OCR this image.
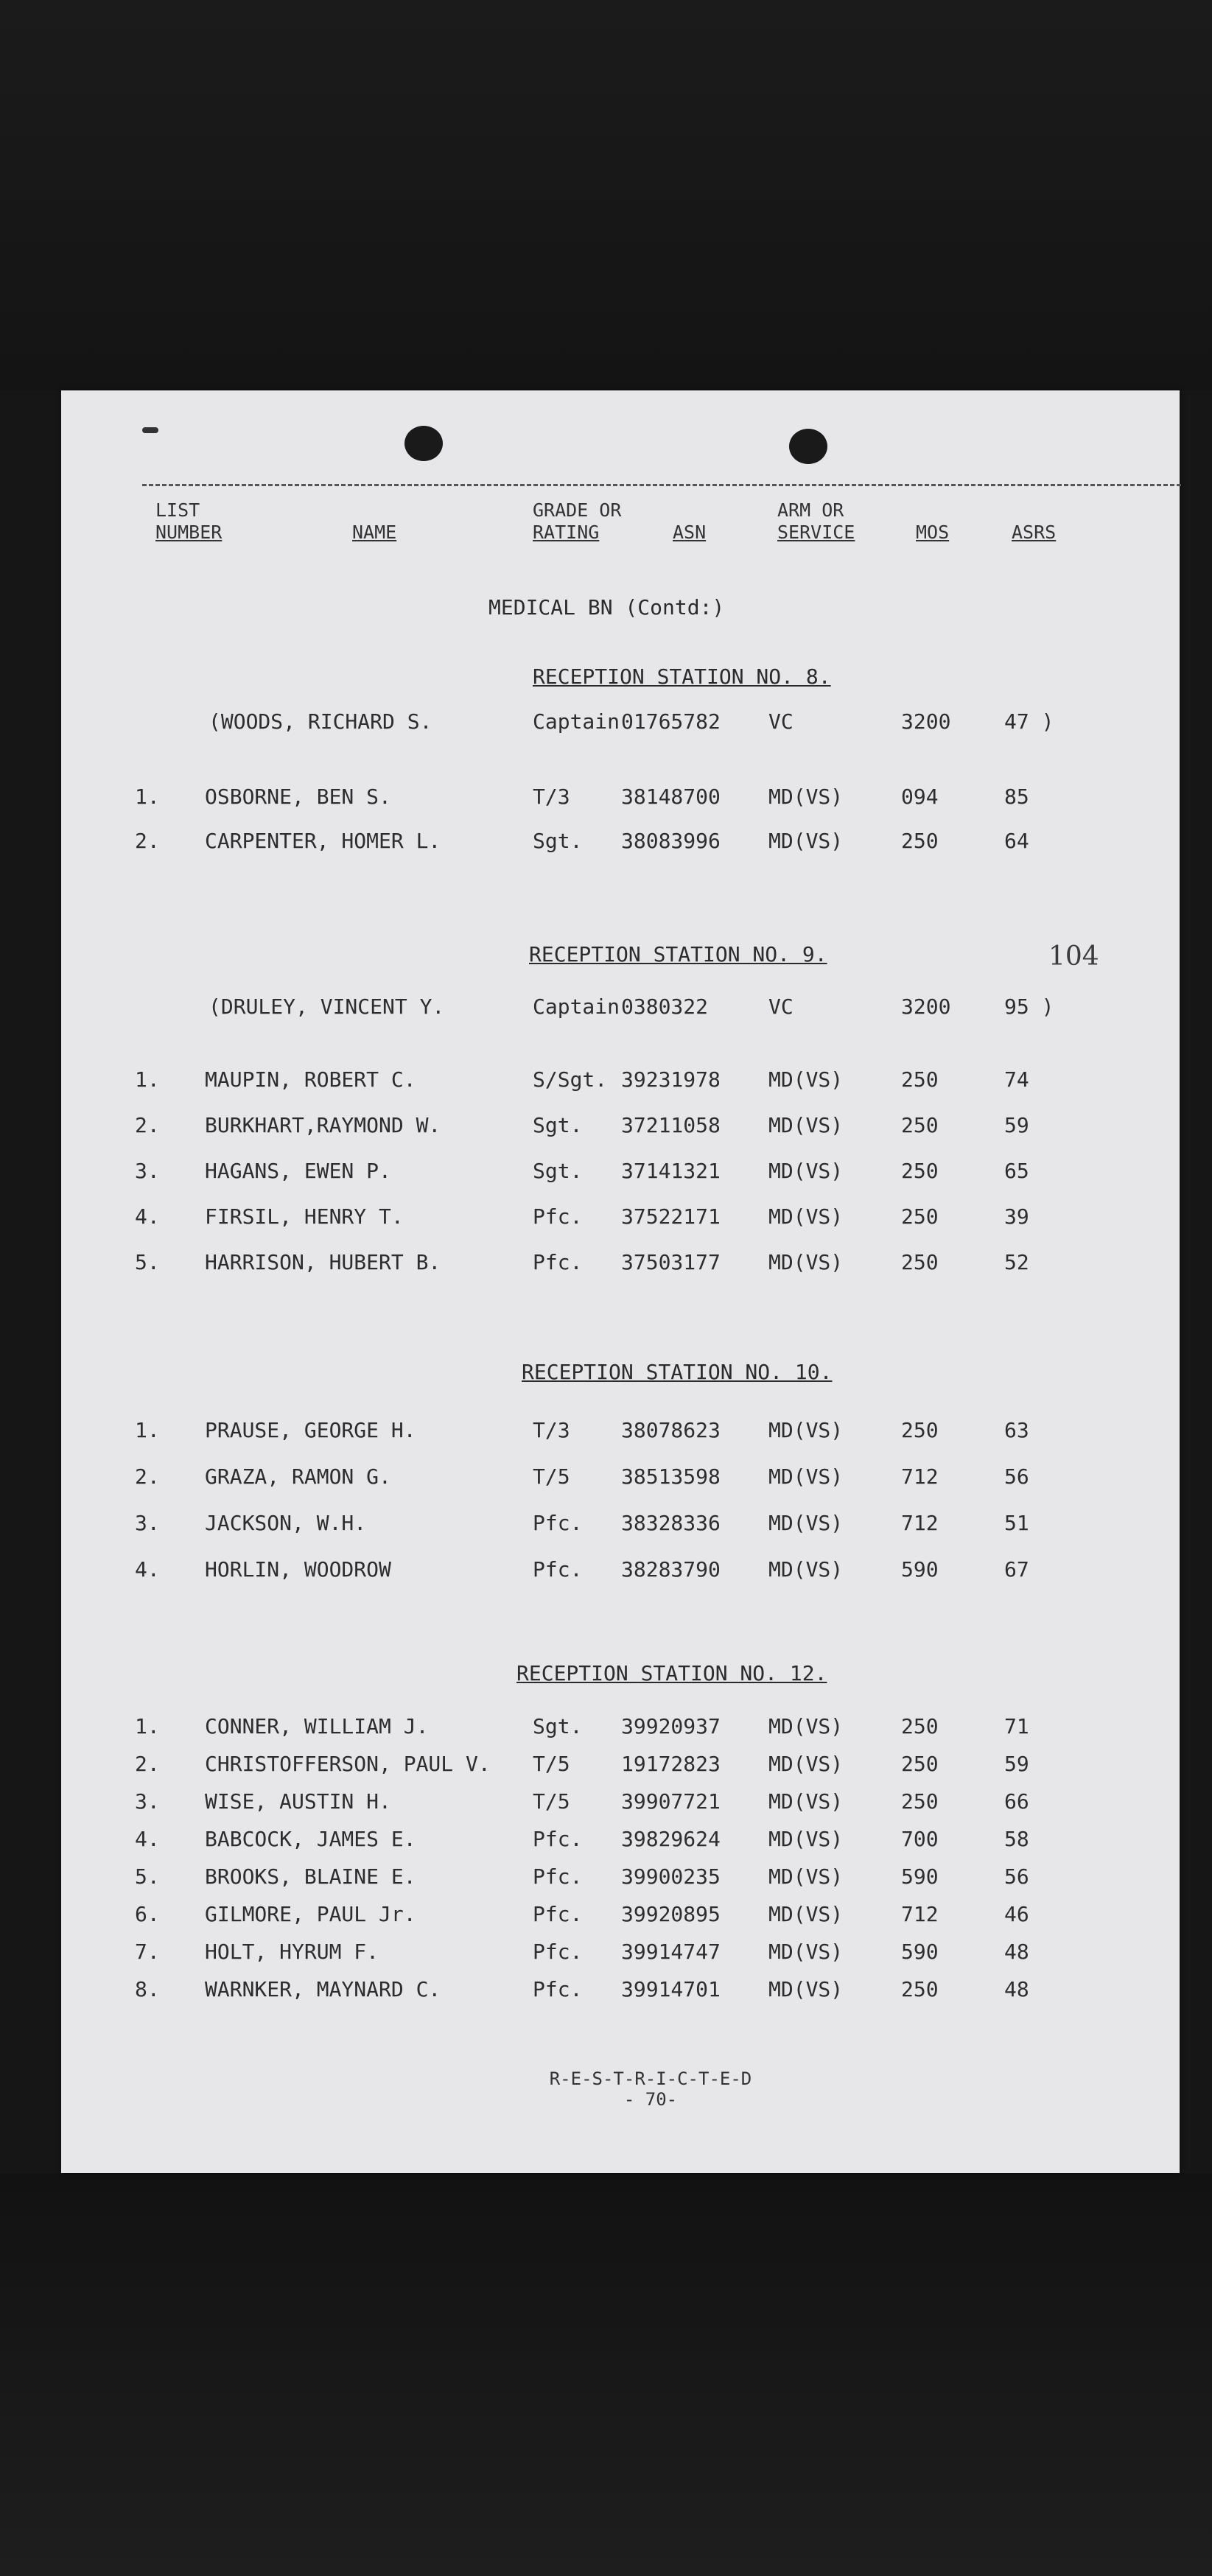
LIST
NUMBER	NAME
GRADE OR
RATING	ASN
ARM OR
SERVICE	MOS	ASRS
MEDICAL BN (Contd:)
104
RECEPTION STATION NO. 8.
(WOODS, RICHARD S.	Captain 01765782 VC	3200	47 )
1. OSBORNE, BEN S.	T/3 38148700 MD(VS)	094	85
2. CARPENTER, HOMER L.	Sgt. 38083996 MD(VS)	250	64
RECEPTION STATION NO. 9.
(DRULEY, VINCENT Y.	Captain 0380322	VC	3200	95 )
1. MAUPIN, ROBERT C.	S/Sgt. 39231978 MD(VS)	250	74
2. BURKHART,RAYMOND W.	Sgt. 37211058 MD(VS)	250	59
3. HAGANS, EWEN P.	Sgt. 37141321 MD(VS)	250	65
4. FIRSIL, HENRY T.	Pfc. 37522171 MD(VS)	250	39
5. HARRISON, HUBERT B.	Pfc. 37503177 MD(VS)	250	52
RECEPTION STATION NO. 10.
1. PRAUSE, GEORGE H.	T/3 38078623 MD(VS)	250	63
2. GRAZA, RAMON G.	T/5 38513598 MD(VS)	712	56
3. JACKSON, W.H.	Pfc. 38328336 MD(VS)	712	51
4. HORLIN, WOODROW	Pfc. 38283790 MD(VS)	590	67
RECEPTION STATION NO. 12.
1. CONNER, WILLIAM J.	Sgt. 39920937 MD(VS)	250	71
2. CHRISTOFFERSON, PAUL V. T/5 19172823 MD(VS)	250	59
3. WISE, AUSTIN H.	T/5 39907721 MD(VS)	250	66
4. BABCOCK, JAMES E.	Pfc. 39829624 MD(VS)	700	58
5. BROOKS, BLAINE E.	Pfc. 39900235 MD(VS)	590	56
6. GILMORE, PAUL Jr.	Pfc. 39920895 MD(VS)	712	46
7. HOLT, HYRUM F.	Pfc. 39914747 MD(VS)	590	48
8. WARNKER, MAYNARD C.	Pfc. 39914701 MD(VS)	250	48
R-E-S-T-R-I-C-T-E-D
- 70-
